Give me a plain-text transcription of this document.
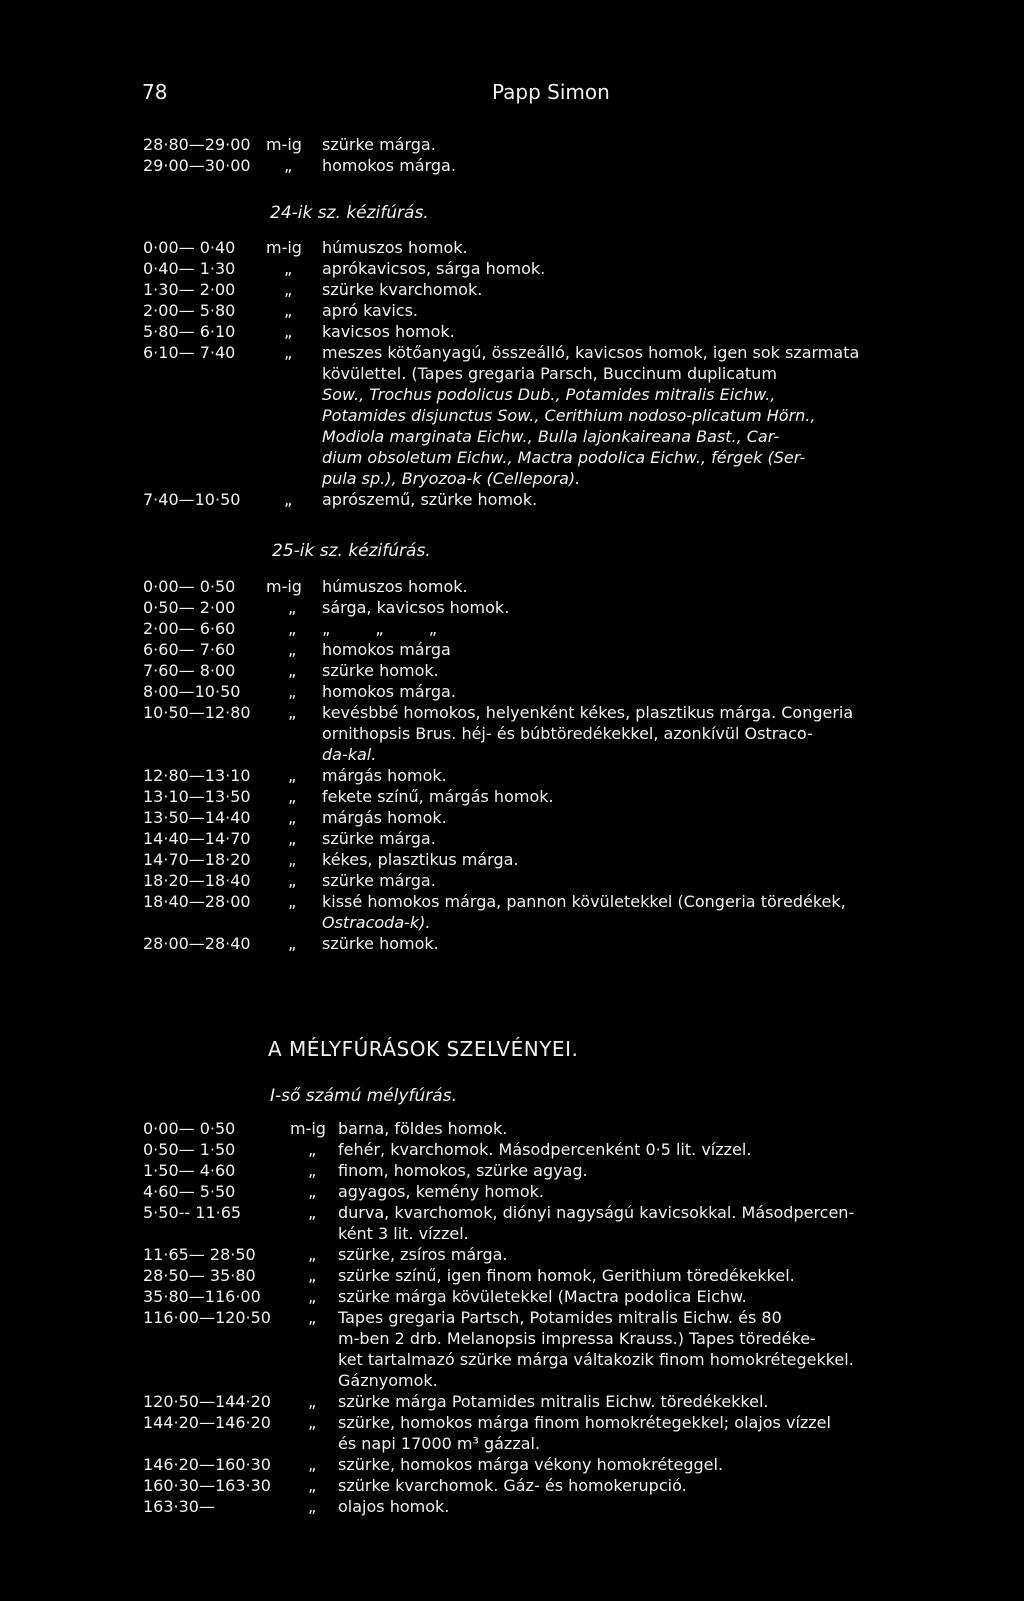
78	Papp Simon
28·80—29·00 m-ig szürke márga.
29·00—30·00	„ homokos márga.
24-ik sz. kézifúrás.
0·00— 0·40	m-ig húmuszos homok.
0·40— 1·30	„ aprókavicsos, sárga homok.
1·30— 2·00	„ szürke kvarchomok.
2·00— 5·80	„ apró kavics.
5·80— 6·10	„ kavicsos homok.
6·10— 7·40	„ meszes kötőanyagú, összeálló, kavicsos homok, igen sok szarmata
kövülettel. (Tapes gregaria Parsch, Buccinum duplicatum
Sow., Trochus podolicus Dub., Potamides mitralis Eichw.,
Potamides disjunctus Sow., Cerithium nodoso-plicatum Hörn.,
Modiola marginata Eichw., Bulla lajonkaireana Bast., Car-
dium obsoletum Eichw., Mactra podolica Eichw., férgek (Ser-
pula sp.), Bryozoa-k (Cellepora).
7·40—10·50	„ aprószemű, szürke homok.
25-ik sz. kézifúrás.
0·00— 0·50	m-ig húmuszos homok.
0·50— 2·00	„ sárga, kavicsos homok.
2·00— 6·60	„ „ „ „
6·60— 7·60	„ homokos márga
7·60— 8·00	„ szürke homok.
8·00—10·50	„ homokos márga.
10·50—12·80	„ kevésbbé homokos, helyenként kékes, plasztikus márga. Congeria
ornithopsis Brus. héj- és búbtöredékekkel, azonkívül Ostraco-
da-kal.
12·80—13·10	„ márgás homok.
13·10—13·50	„ fekete színű, márgás homok.
13·50—14·40	„ márgás homok.
14·40—14·70	„ szürke márga.
14·70—18·20	„ kékes, plasztikus márga.
18·20—18·40	„ szürke márga.
18·40—28·00	„ kissé homokos márga, pannon kövületekkel (Congeria töredékek,
Ostracoda-k).
28·00—28·40	„ szürke homok.
A MÉLYFÚRÁSOK SZELVÉNYEI.
I-ső számú mélyfúrás.
0·00— 0·50	m-ig barna, földes homok.
0·50— 1·50	„ fehér, kvarchomok. Másodpercenként 0·5 lit. vízzel.
1·50— 4·60	„ finom, homokos, szürke agyag.
4·60— 5·50	„ agyagos, kemény homok.
5·50-- 11·65	„ durva, kvarchomok, diónyi nagyságú kavicsokkal. Másodpercen-
ként 3 lit. vízzel.
11·65— 28·50	„ szürke, zsíros márga.
28·50— 35·80	„ szürke színű, igen finom homok, Gerithium töredékekkel.
35·80—116·00	„ szürke márga kövületekkel (Mactra podolica Eichw.
116·00—120·50	„ Tapes gregaria Partsch, Potamides mitralis Eichw. és 80
m-ben 2 drb. Melanopsis impressa Krauss.) Tapes töredéke-
ket tartalmazó szürke márga váltakozik finom homokrétegekkel.
Gáznyomok.
120·50—144·20	„ szürke márga Potamides mitralis Eichw. töredékekkel.
144·20—146·20	„ szürke, homokos márga finom homokrétegekkel; olajos vízzel
és napi 17000 m³ gázzal.
146·20—160·30	„ szürke, homokos márga vékony homokréteggel.
160·30—163·30	„ szürke kvarchomok. Gáz- és homokerupció.
163·30—	„ olajos homok.
